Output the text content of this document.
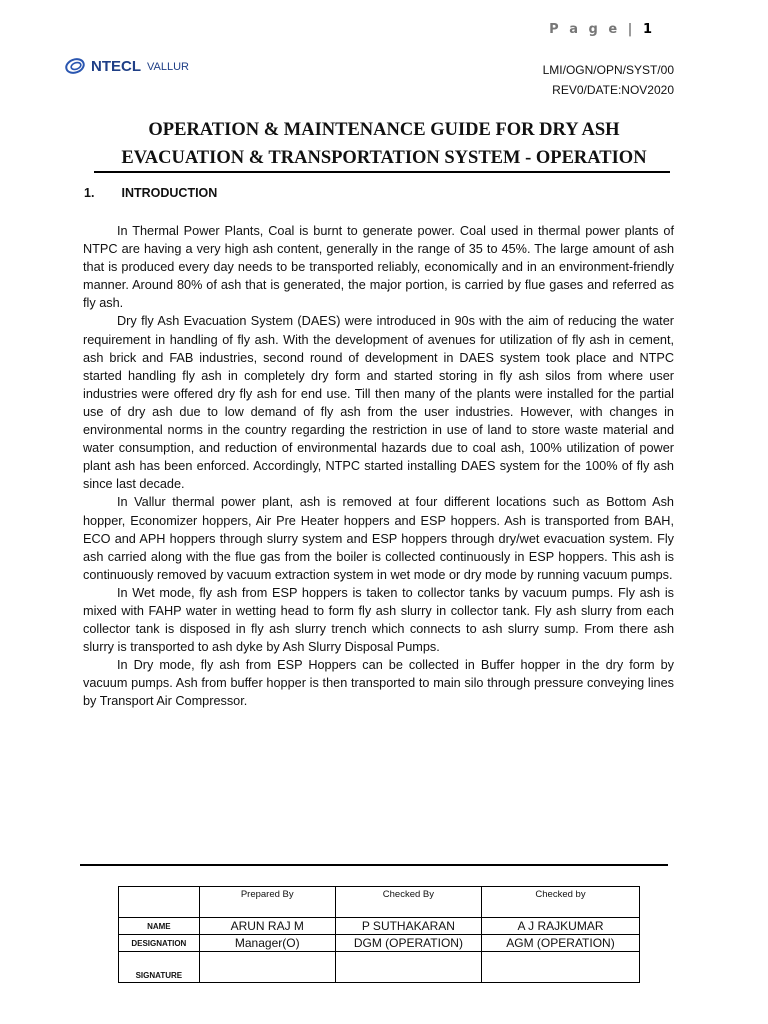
P a g e | 1
NTECL VALLUR	LMI/OGN/OPN/SYST/00
REV0/DATE:NOV2020
OPERATION & MAINTENANCE GUIDE FOR DRY ASH
EVACUATION & TRANSPORTATION SYSTEM - OPERATION
1. INTRODUCTION

In Thermal Power Plants, Coal is burnt to generate power. Coal used in thermal power plants of NTPC are having a very high ash content, generally in the range of 35 to 45%. The large amount of ash that is produced every day needs to be transported reliably, economically and in an environment-friendly manner. Around 80% of ash that is generated, the major portion, is carried by flue gases and referred as fly ash.

Dry fly Ash Evacuation System (DAES) were introduced in 90s with the aim of reducing the water requirement in handling of fly ash. With the development of avenues for utilization of fly ash in cement, ash brick and FAB industries, second round of development in DAES system took place and NTPC started handling fly ash in completely dry form and started storing in fly ash silos from where user industries were offered dry fly ash for end use. Till then many of the plants were installed for the partial use of dry ash due to low demand of fly ash from the user industries. However, with changes in environmental norms in the country regarding the restriction in use of land to store waste material and water consumption, and reduction of environmental hazards due to coal ash, 100% utilization of power plant ash has been enforced. Accordingly, NTPC started installing DAES system for the 100% of fly ash since last decade.

In Vallur thermal power plant, ash is removed at four different locations such as Bottom Ash hopper, Economizer hoppers, Air Pre Heater hoppers and ESP hoppers. Ash is transported from BAH, ECO and APH hoppers through slurry system and ESP hoppers through dry/wet evacuation system. Fly ash carried along with the flue gas from the boiler is collected continuously in ESP hoppers. This ash is continuously removed by vacuum extraction system in wet mode or dry mode by running vacuum pumps.

In Wet mode, fly ash from ESP hoppers is taken to collector tanks by vacuum pumps. Fly ash is mixed with FAHP water in wetting head to form fly ash slurry in collector tank. Fly ash slurry from each collector tank is disposed in fly ash slurry trench which connects to ash slurry sump. From there ash slurry is transported to ash dyke by Ash Slurry Disposal Pumps.

In Dry mode, fly ash from ESP Hoppers can be collected in Buffer hopper in the dry form by vacuum pumps. Ash from buffer hopper is then transported to main silo through pressure conveying lines by Transport Air Compressor.

	Prepared By	Checked By	Checked by
NAME	ARUN RAJ M	P SUTHAKARAN	A J RAJKUMAR
DESIGNATION	Manager(O)	DGM (OPERATION)	AGM (OPERATION)
SIGNATURE			
